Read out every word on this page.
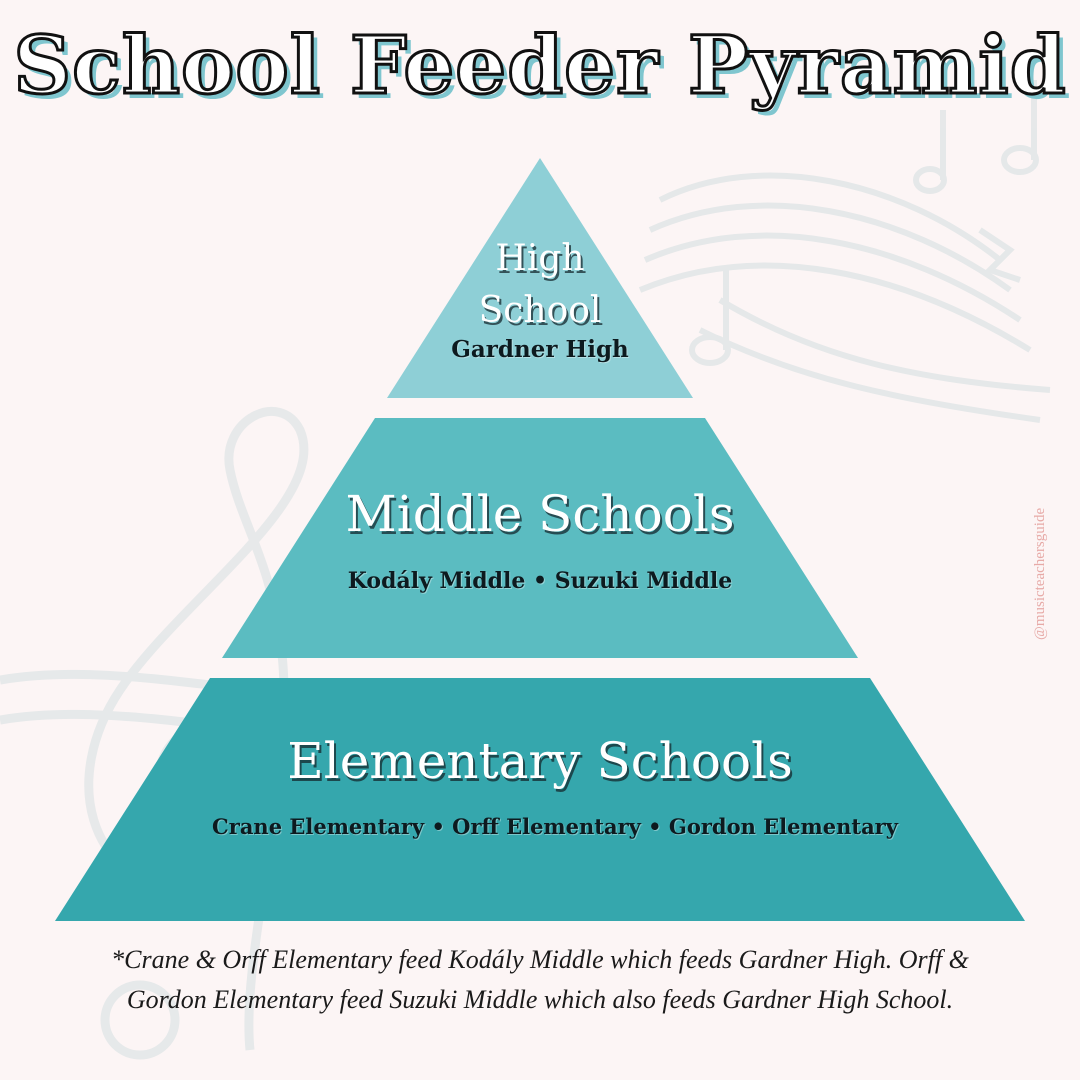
School Feeder Pyramid
High
School
Gardner High
Middle Schools
Kodály Middle • Suzuki Middle
Elementary Schools
Crane Elementary • Orff Elementary • Gordon Elementary
*Crane & Orff Elementary feed Kodály Middle which feeds Gardner High. Orff &
Gordon Elementary feed Suzuki Middle which also feeds Gardner High School.
@musicteachersguide
